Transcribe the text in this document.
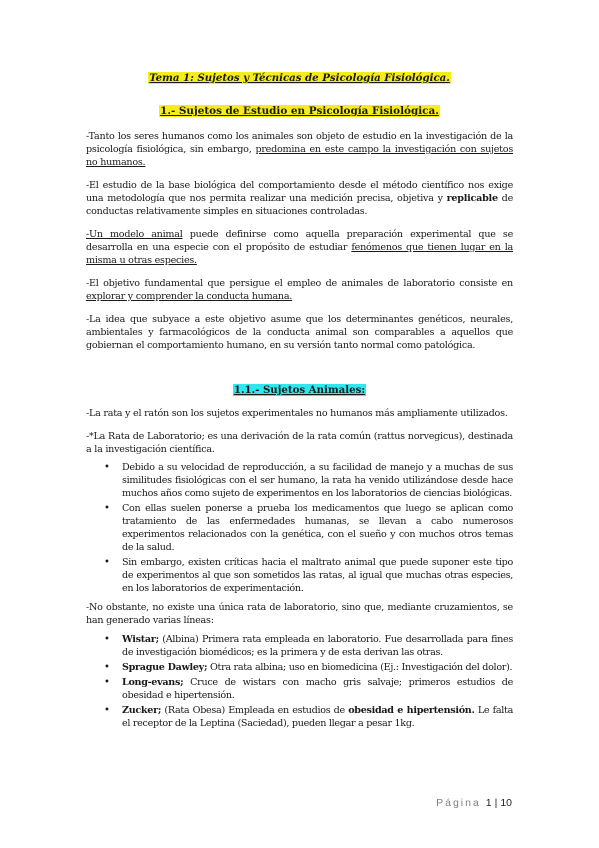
Tema 1: Sujetos y Técnicas de Psicología Fisiológica.
1.- Sujetos de Estudio en Psicología Fisiológica.

-Tanto los seres humanos como los animales son objeto de estudio en la investigación de la psicología fisiológica, sin embargo, predomina en este campo la investigación con sujetos no humanos.

-El estudio de la base biológica del comportamiento desde el método científico nos exige una metodología que nos permita realizar una medición precisa, objetiva y replicable de conductas relativamente simples en situaciones controladas.

-Un modelo animal puede definirse como aquella preparación experimental que se desarrolla en una especie con el propósito de estudiar fenómenos que tienen lugar en la misma u otras especies.

-El objetivo fundamental que persigue el empleo de animales de laboratorio consiste en explorar y comprender la conducta humana.

-La idea que subyace a este objetivo asume que los determinantes genéticos, neurales, ambientales y farmacológicos de la conducta animal son comparables a aquellos que gobiernan el comportamiento humano, en su versión tanto normal como patológica.

1.1.- Sujetos Animales:

-La rata y el ratón son los sujetos experimentales no humanos más ampliamente utilizados.

-*La Rata de Laboratorio; es una derivación de la rata común (rattus norvegicus), destinada a la investigación científica.

• Debido a su velocidad de reproducción, a su facilidad de manejo y a muchas de sus similitudes fisiológicas con el ser humano, la rata ha venido utilizándose desde hace muchos años como sujeto de experimentos en los laboratorios de ciencias biológicas.
• Con ellas suelen ponerse a prueba los medicamentos que luego se aplican como tratamiento de las enfermedades humanas, se llevan a cabo numerosos experimentos relacionados con la genética, con el sueño y con muchos otros temas de la salud.
• Sin embargo, existen críticas hacia el maltrato animal que puede suponer este tipo de experimentos al que son sometidos las ratas, al igual que muchas otras especies, en los laboratorios de experimentación.

-No obstante, no existe una única rata de laboratorio, sino que, mediante cruzamientos, se han generado varias líneas:

• Wistar; (Albina) Primera rata empleada en laboratorio. Fue desarrollada para fines de investigación biomédicos; es la primera y de esta derivan las otras.
• Sprague Dawley; Otra rata albina; uso en biomedicina (Ej.: Investigación del dolor).
• Long-evans; Cruce de wistars con macho gris salvaje; primeros estudios de obesidad e hipertensión.
• Zucker; (Rata Obesa) Empleada en estudios de obesidad e hipertensión. Le falta el receptor de la Leptina (Saciedad), pueden llegar a pesar 1kg.
Página 1 | 10
